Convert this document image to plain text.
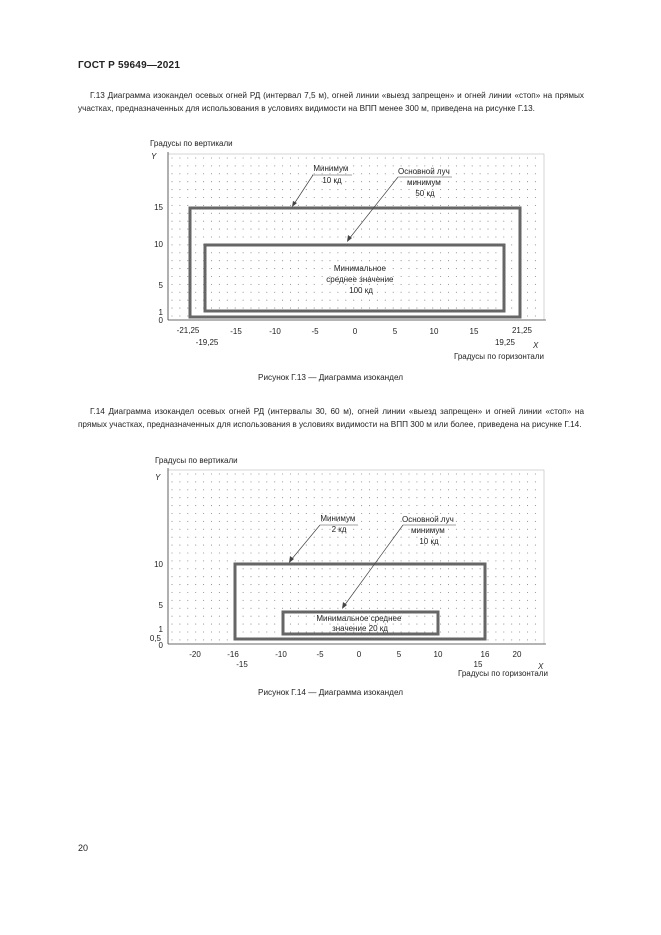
ГОСТ Р 59649—2021
Г.13 Диаграмма изокандел осевых огней РД (интервал 7,5 м), огней линии «выезд запрещен» и огней линии «стоп» на прямых участках, предназначенных для использования в условиях видимости на ВПП менее 300 м, приведена на рисунке Г.13.
Градусы по вертикали
Y
X
Градусы по горизонтали
15
10
5
1
0
-21,25
-19,25
-15	-10	-5	0	5	10	15
19,25
21,25
Минимум 10 кд
Основной луч минимум 50 кд
Минимальное среднее значение 100 кд
Градусы по вертикали
Y
X
Градусы по горизонтали
10
5
1
0,5
0
-20	-16
-15
-10	-5	0	5	10
15
16	20
Минимум 2 кд
Основной луч минимум 10 кд
Минимальное среднее значение 20 кд
Рисунок Г.13 — Диаграмма изокандел
Г.14 Диаграмма изокандел осевых огней РД (интервалы 30, 60 м), огней линии «выезд запрещен» и огней линии «стоп» на прямых участках, предназначенных для использования в условиях видимости на ВПП 300 м или более, приведена на рисунке Г.14.
Рисунок Г.14 — Диаграмма изокандел
20
